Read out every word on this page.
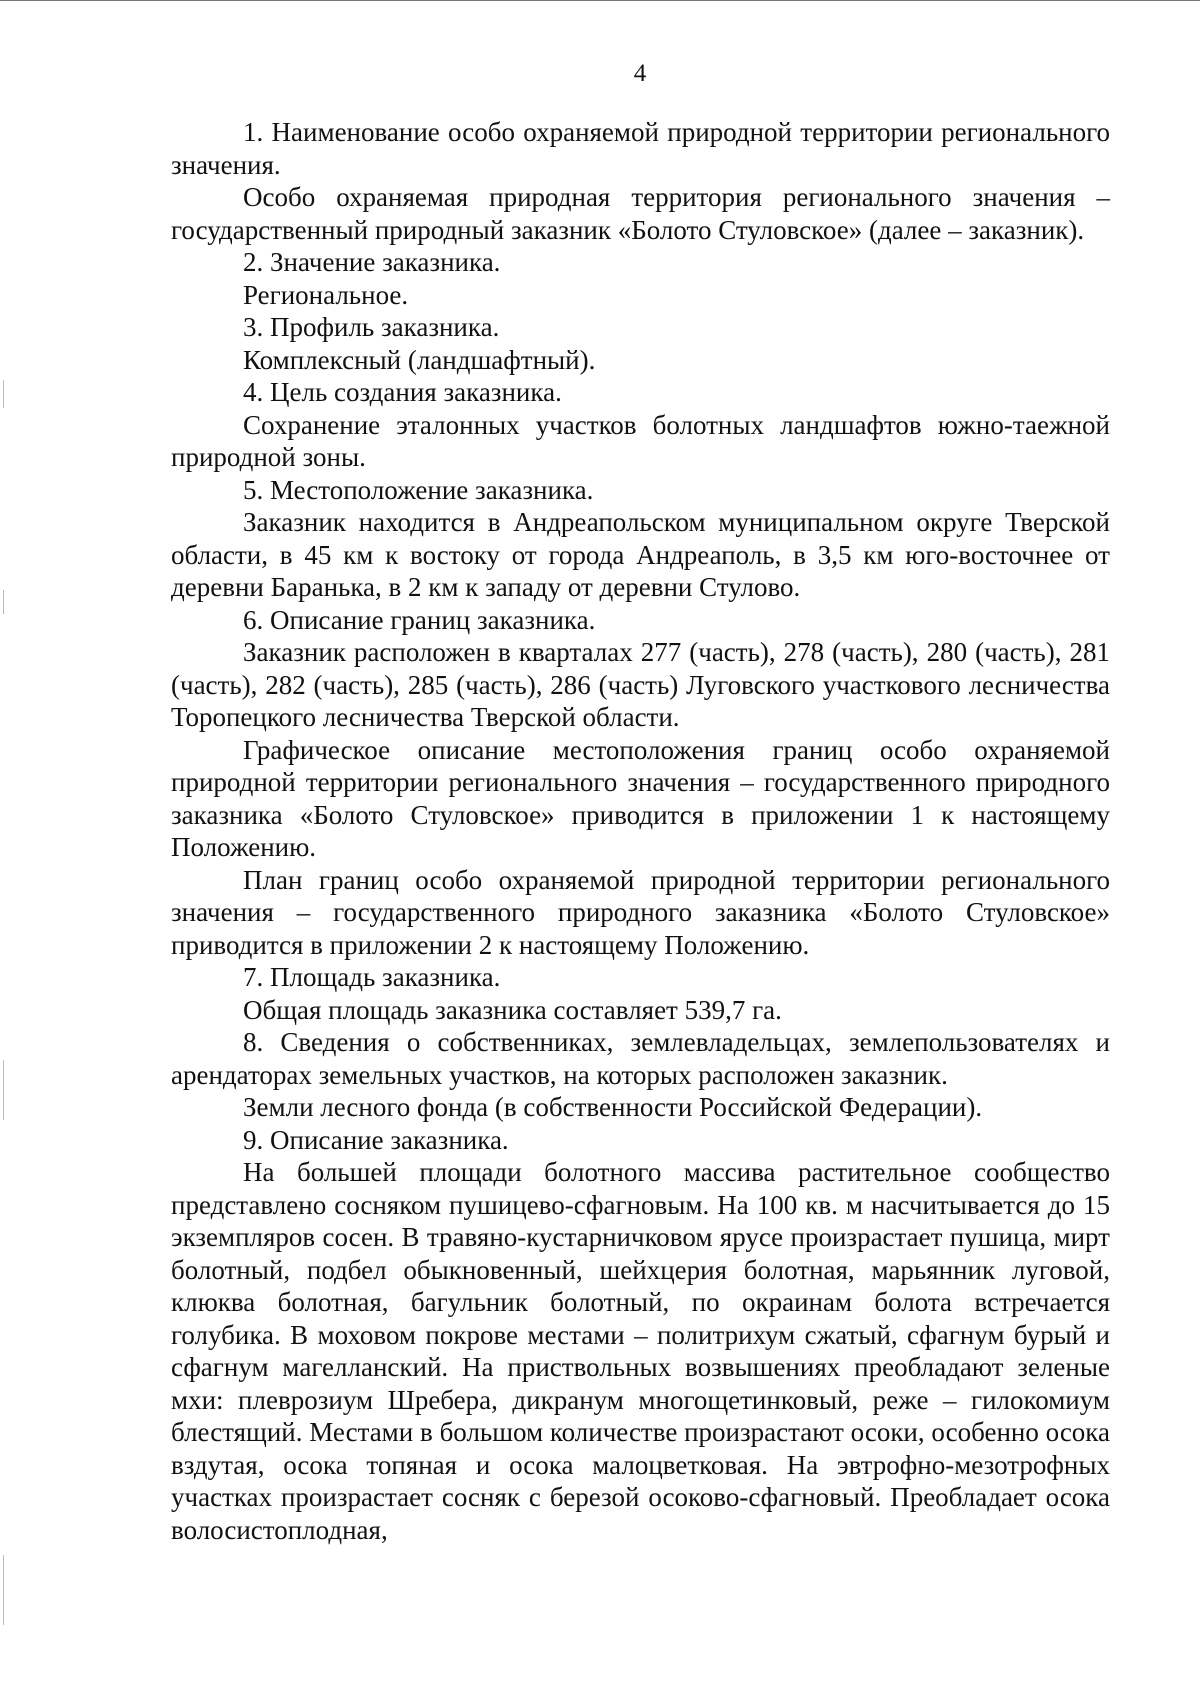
4

1. Наименование особо охраняемой природной территории регионального значения.

Особо охраняемая природная территория регионального значения – государственный природный заказник «Болото Стуловское» (далее – заказник).

2. Значение заказника.

Региональное.

3. Профиль заказника.

Комплексный (ландшафтный).

4. Цель создания заказника.

Сохранение эталонных участков болотных ландшафтов южно-таежной природной зоны.

5. Местоположение заказника.

Заказник находится в Андреапольском муниципальном округе Тверской области, в 45 км к востоку от города Андреаполь, в 3,5 км юго-восточнее от деревни Баранька, в 2 км к западу от деревни Стулово.

6. Описание границ заказника.

Заказник расположен в кварталах 277 (часть), 278 (часть), 280 (часть), 281 (часть), 282 (часть), 285 (часть), 286 (часть) Луговского участкового лесничества Торопецкого лесничества Тверской области.

Графическое описание местоположения границ особо охраняемой природной территории регионального значения – государственного природного заказника «Болото Стуловское» приводится в приложении 1 к настоящему Положению.

План границ особо охраняемой природной территории регионального значения – государственного природного заказника «Болото Стуловское» приводится в приложении 2 к настоящему Положению.

7. Площадь заказника.

Общая площадь заказника составляет 539,7 га.

8. Сведения о собственниках, землевладельцах, землепользователях и арендаторах земельных участков, на которых расположен заказник.

Земли лесного фонда (в собственности Российской Федерации).

9. Описание заказника.

На большей площади болотного массива растительное сообщество представлено сосняком пушицево-сфагновым. На 100 кв. м насчитывается до 15 экземпляров сосен. В травяно-кустарничковом ярусе произрастает пушица, мирт болотный, подбел обыкновенный, шейхцерия болотная, марьянник луговой, клюква болотная, багульник болотный, по окраинам болота встречается голубика. В моховом покрове местами – политрихум сжатый, сфагнум бурый и сфагнум магелланский. На приствольных возвышениях преобладают зеленые мхи: плеврозиум Шребера, дикранум многощетинковый, реже – гилокомиум блестящий. Местами в большом количестве произрастают осоки, особенно осока вздутая, осока топяная и осока малоцветковая. На эвтрофно-мезотрофных участках произрастает сосняк с березой осоково-сфагновый. Преобладает осока волосистоплодная,
